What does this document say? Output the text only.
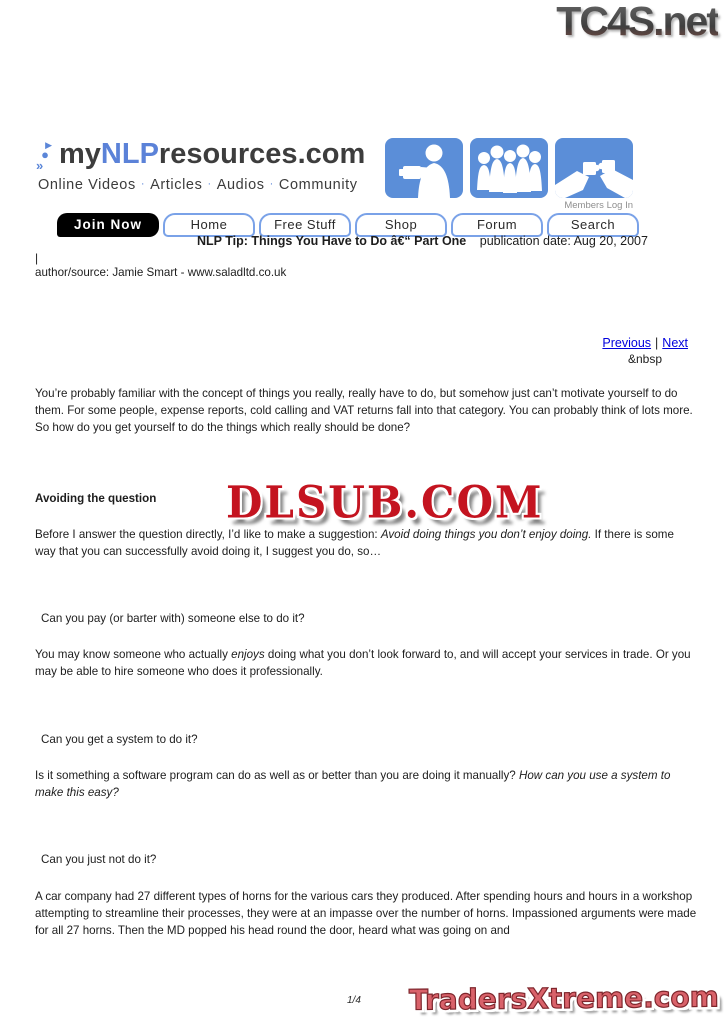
TC4S.net
▶
●
» myNLPresources.com
Online Videos · Articles · Audios · Community
Members Log In
Join Now	Home	Free Stuff	Shop	Forum	Search
NLP Tip: Things You Have to Do â€“ Part One publication date: Aug 20, 2007
|
author/source: Jamie Smart - www.saladltd.co.uk
Previous | Next
&nbsp

You’re probably familiar with the concept of things you really, really have to do, but somehow just can’t motivate yourself to do them. For some people, expense reports, cold calling and VAT returns fall into that category. You can probably think of lots more. So how do you get yourself to do the things which really should be done?

Avoiding the question DLSUB.COM

Before I answer the question directly, I’d like to make a suggestion: Avoid doing things you don’t enjoy doing. If there is some way that you can successfully avoid doing it, I suggest you do, so…

Can you pay (or barter with) someone else to do it?

You may know someone who actually enjoys doing what you don’t look forward to, and will accept your services in trade. Or you may be able to hire someone who does it professionally.

Can you get a system to do it?

Is it something a software program can do as well as or better than you are doing it manually? How can you use a system to make this easy?

Can you just not do it?

A car company had 27 different types of horns for the various cars they produced. After spending hours and hours in a workshop attempting to streamline their processes, they were at an impasse over the number of horns. Impassioned arguments were made for all 27 horns. Then the MD popped his head round the door, heard what was going on and

1/4 TradersXtreme.com
